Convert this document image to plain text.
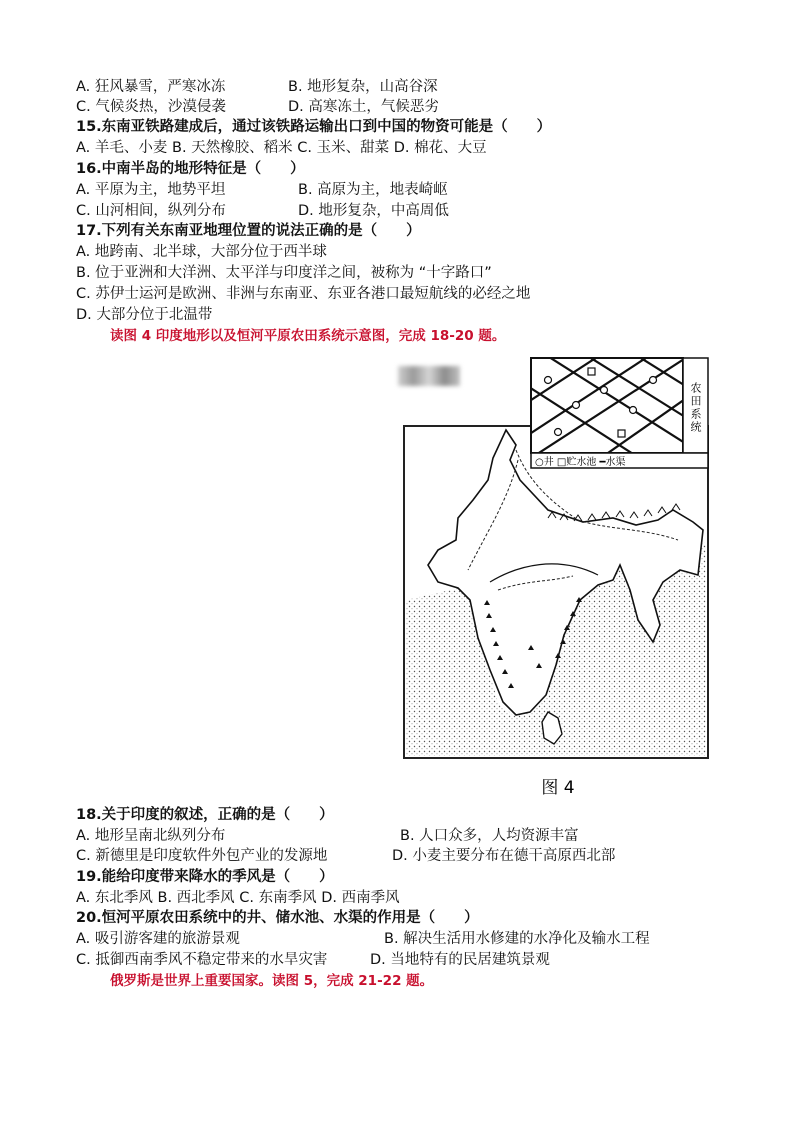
A. 狂风暴雪，严寒冰冻	B. 地形复杂，山高谷深
C. 气候炎热，沙漠侵袭	D. 高寒冻土，气候恶劣
15.东南亚铁路建成后，通过该铁路运输出口到中国的物资可能是（　　）
A. 羊毛、小麦 B. 天然橡胶、稻米 C. 玉米、甜菜 D. 棉花、大豆
16.中南半岛的地形特征是（　　）
A. 平原为主，地势平坦	B. 高原为主，地表崎岖
C. 山河相间，纵列分布	D. 地形复杂，中高周低
17.下列有关东南亚地理位置的说法正确的是（　　）
A. 地跨南、北半球，大部分位于西半球
B. 位于亚洲和大洋洲、太平洋与印度洋之间，被称为 “十字路口”
C. 苏伊士运河是欧洲、非洲与东南亚、东亚各港口最短航线的必经之地
D. 大部分位于北温带
读图 4 印度地形以及恒河平原农田系统示意图，完成 18-20 题。
农田系统
○井 □贮水池 ━水渠
图 4
18.关于印度的叙述，正确的是（　　）
A. 地形呈南北纵列分布	B. 人口众多，人均资源丰富
C. 新德里是印度软件外包产业的发源地	D. 小麦主要分布在德干高原西北部
19.能给印度带来降水的季风是（　　）
A. 东北季风 B. 西北季风 C. 东南季风 D. 西南季风
20.恒河平原农田系统中的井、储水池、水渠的作用是（　　）
A. 吸引游客建的旅游景观	B. 解决生活用水修建的水净化及输水工程
C. 抵御西南季风不稳定带来的水旱灾害	D. 当地特有的民居建筑景观
俄罗斯是世界上重要国家。读图 5，完成 21-22 题。
